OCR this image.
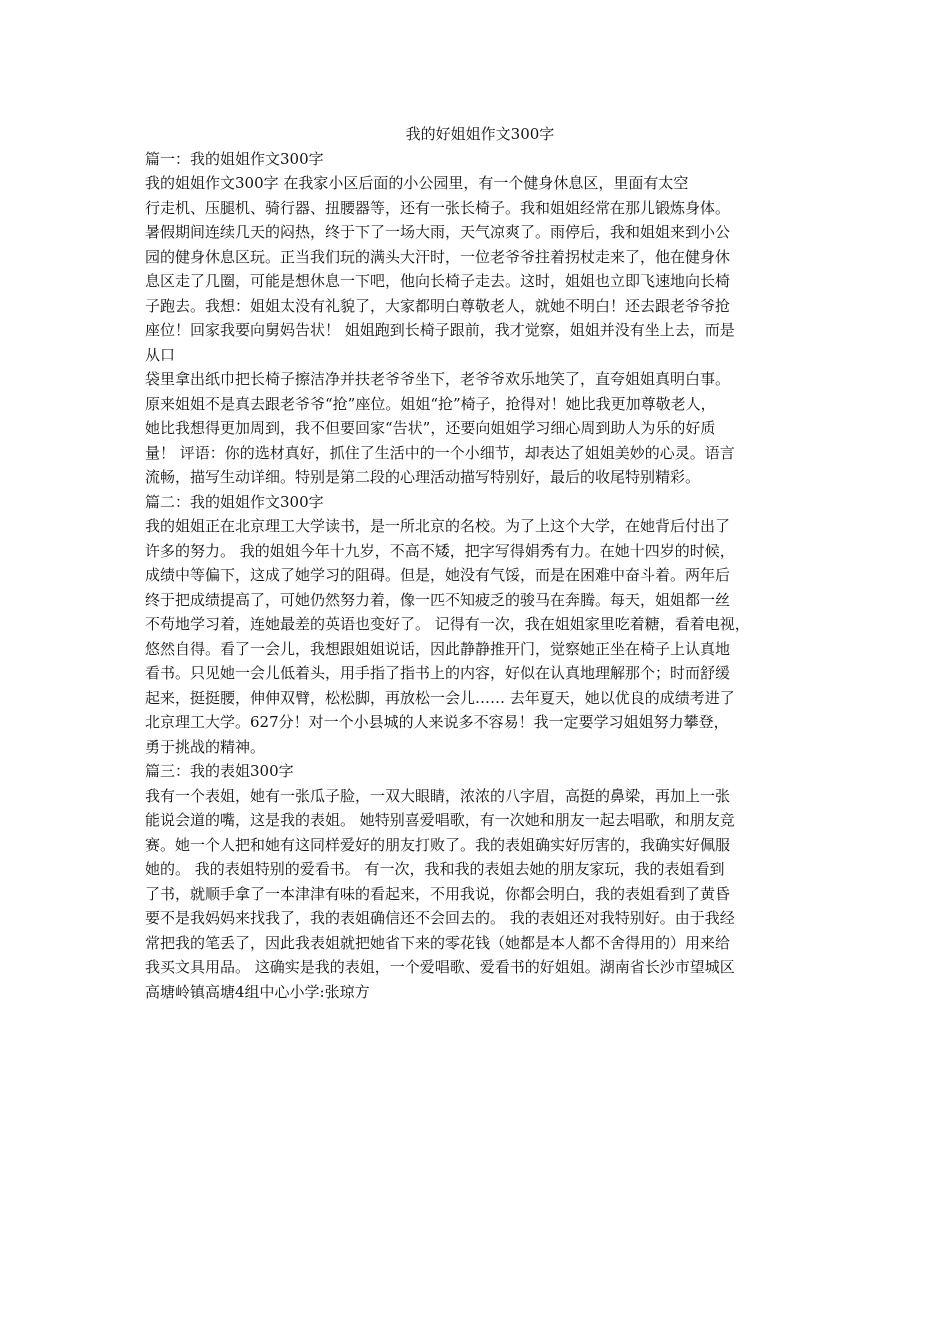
我的好姐姐作文300字
篇一：我的姐姐作文300字
我的姐姐作文300字 在我家小区后面的小公园里，有一个健身休息区，里面有太空
行走机、压腿机、骑行器、扭腰器等，还有一张长椅子。我和姐姐经常在那儿锻炼身体。
暑假期间连续几天的闷热，终于下了一场大雨，天气凉爽了。雨停后，我和姐姐来到小公
园的健身休息区玩。正当我们玩的满头大汗时，一位老爷爷拄着拐杖走来了，他在健身休
息区走了几圈，可能是想休息一下吧，他向长椅子走去。这时，姐姐也立即飞速地向长椅
子跑去。我想：姐姐太没有礼貌了，大家都明白尊敬老人，就她不明白！还去跟老爷爷抢
座位！回家我要向舅妈告状！ 姐姐跑到长椅子跟前，我才觉察，姐姐并没有坐上去，而是
从口
袋里拿出纸巾把长椅子擦洁净并扶老爷爷坐下，老爷爷欢乐地笑了，直夸姐姐真明白事。
原来姐姐不是真去跟老爷爷“抢”座位。姐姐“抢”椅子，抢得对！她比我更加尊敬老人，
她比我想得更加周到，我不但要回家“告状”，还要向姐姐学习细心周到助人为乐的好质
量！ 评语：你的选材真好，抓住了生活中的一个小细节，却表达了姐姐美妙的心灵。语言
流畅，描写生动详细。特别是第二段的心理活动描写特别好，最后的收尾特别精彩。
篇二：我的姐姐作文300字
我的姐姐正在北京理工大学读书，是一所北京的名校。为了上这个大学，在她背后付出了
许多的努力。 我的姐姐今年十九岁，不高不矮，把字写得娟秀有力。在她十四岁的时候，
成绩中等偏下，这成了她学习的阻碍。但是，她没有气馁，而是在困难中奋斗着。两年后
终于把成绩提高了，可她仍然努力着，像一匹不知疲乏的骏马在奔腾。每天，姐姐都一丝
不苟地学习着，连她最差的英语也变好了。 记得有一次，我在姐姐家里吃着糖，看着电视，
悠然自得。看了一会儿，我想跟姐姐说话，因此静静推开门，觉察她正坐在椅子上认真地
看书。只见她一会儿低着头，用手指了指书上的内容，好似在认真地理解那个；时而舒缓
起来，挺挺腰，伸伸双臂，松松脚，再放松一会儿…… 去年夏天，她以优良的成绩考进了
北京理工大学。627分！对一个小县城的人来说多不容易！我一定要学习姐姐努力攀登，
勇于挑战的精神。
篇三：我的表姐300字
我有一个表姐，她有一张瓜子脸，一双大眼睛，浓浓的八字眉，高挺的鼻梁，再加上一张
能说会道的嘴，这是我的表姐。 她特别喜爱唱歌，有一次她和朋友一起去唱歌，和朋友竞
赛。她一个人把和她有这同样爱好的朋友打败了。我的表姐确实好厉害的，我确实好佩服
她的。 我的表姐特别的爱看书。 有一次，我和我的表姐去她的朋友家玩，我的表姐看到
了书，就顺手拿了一本津津有味的看起来，不用我说，你都会明白，我的表姐看到了黄昏
要不是我妈妈来找我了，我的表姐确信还不会回去的。 我的表姐还对我特别好。由于我经
常把我的笔丢了，因此我表姐就把她省下来的零花钱（她都是本人都不舍得用的）用来给
我买文具用品。 这确实是我的表姐，一个爱唱歌、爱看书的好姐姐。湖南省长沙市望城区
高塘岭镇高塘4组中心小学:张琼方
